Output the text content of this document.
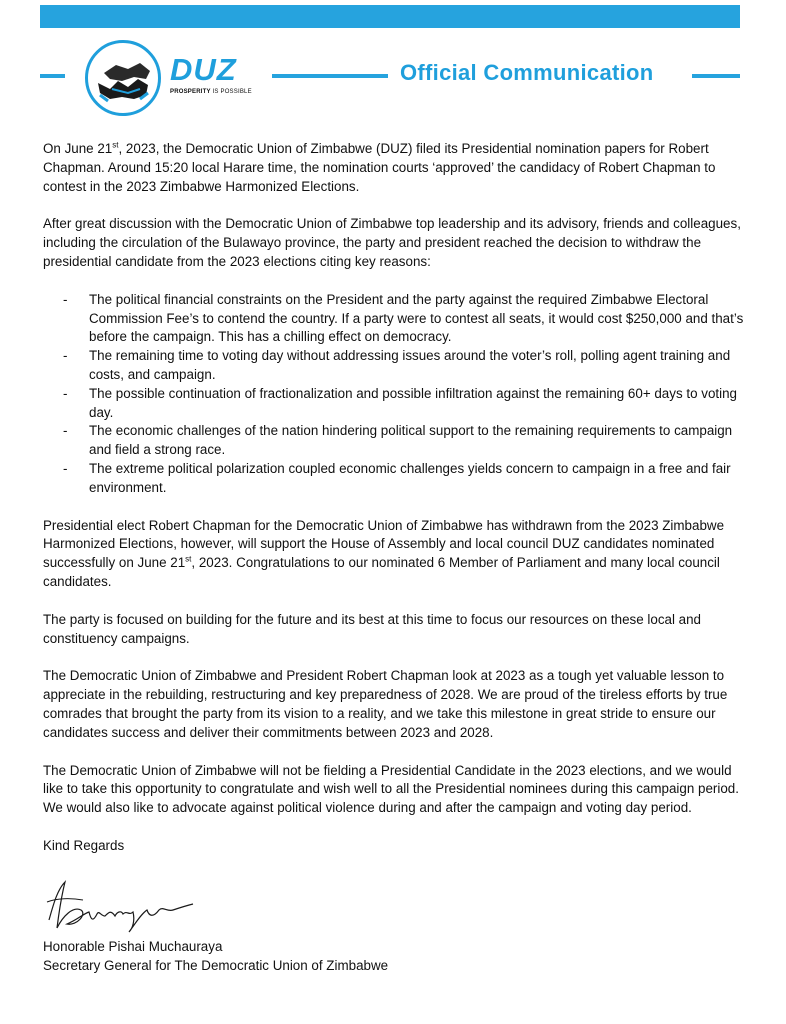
DUZ
PROSPERITY IS POSSIBLE
Official Communication

On June 21st, 2023, the Democratic Union of Zimbabwe (DUZ) filed its Presidential nomination papers for Robert Chapman. Around 15:20 local Harare time, the nomination courts ‘approved’ the candidacy of Robert Chapman to contest in the 2023 Zimbabwe Harmonized Elections.

After great discussion with the Democratic Union of Zimbabwe top leadership and its advisory, friends and colleagues, including the circulation of the Bulawayo province, the party and president reached the decision to withdraw the presidential candidate from the 2023 elections citing key reasons:

- The political financial constraints on the President and the party against the required Zimbabwe Electoral Commission Fee’s to contend the country. If a party were to contest all seats, it would cost $250,000 and that’s before the campaign. This has a chilling effect on democracy.
- The remaining time to voting day without addressing issues around the voter’s roll, polling agent training and costs, and campaign.
- The possible continuation of fractionalization and possible infiltration against the remaining 60+ days to voting day.
- The economic challenges of the nation hindering political support to the remaining requirements to campaign and field a strong race.
- The extreme political polarization coupled economic challenges yields concern to campaign in a free and fair environment.

Presidential elect Robert Chapman for the Democratic Union of Zimbabwe has withdrawn from the 2023 Zimbabwe Harmonized Elections, however, will support the House of Assembly and local council DUZ candidates nominated successfully on June 21st, 2023. Congratulations to our nominated 6 Member of Parliament and many local council candidates.

The party is focused on building for the future and its best at this time to focus our resources on these local and constituency campaigns.

The Democratic Union of Zimbabwe and President Robert Chapman look at 2023 as a tough yet valuable lesson to appreciate in the rebuilding, restructuring and key preparedness of 2028. We are proud of the tireless efforts by true comrades that brought the party from its vision to a reality, and we take this milestone in great stride to ensure our candidates success and deliver their commitments between 2023 and 2028.

The Democratic Union of Zimbabwe will not be fielding a Presidential Candidate in the 2023 elections, and we would like to take this opportunity to congratulate and wish well to all the Presidential nominees during this campaign period. We would also like to advocate against political violence during and after the campaign and voting day period.

Kind Regards

Honorable Pishai Muchauraya
Secretary General for The Democratic Union of Zimbabwe
